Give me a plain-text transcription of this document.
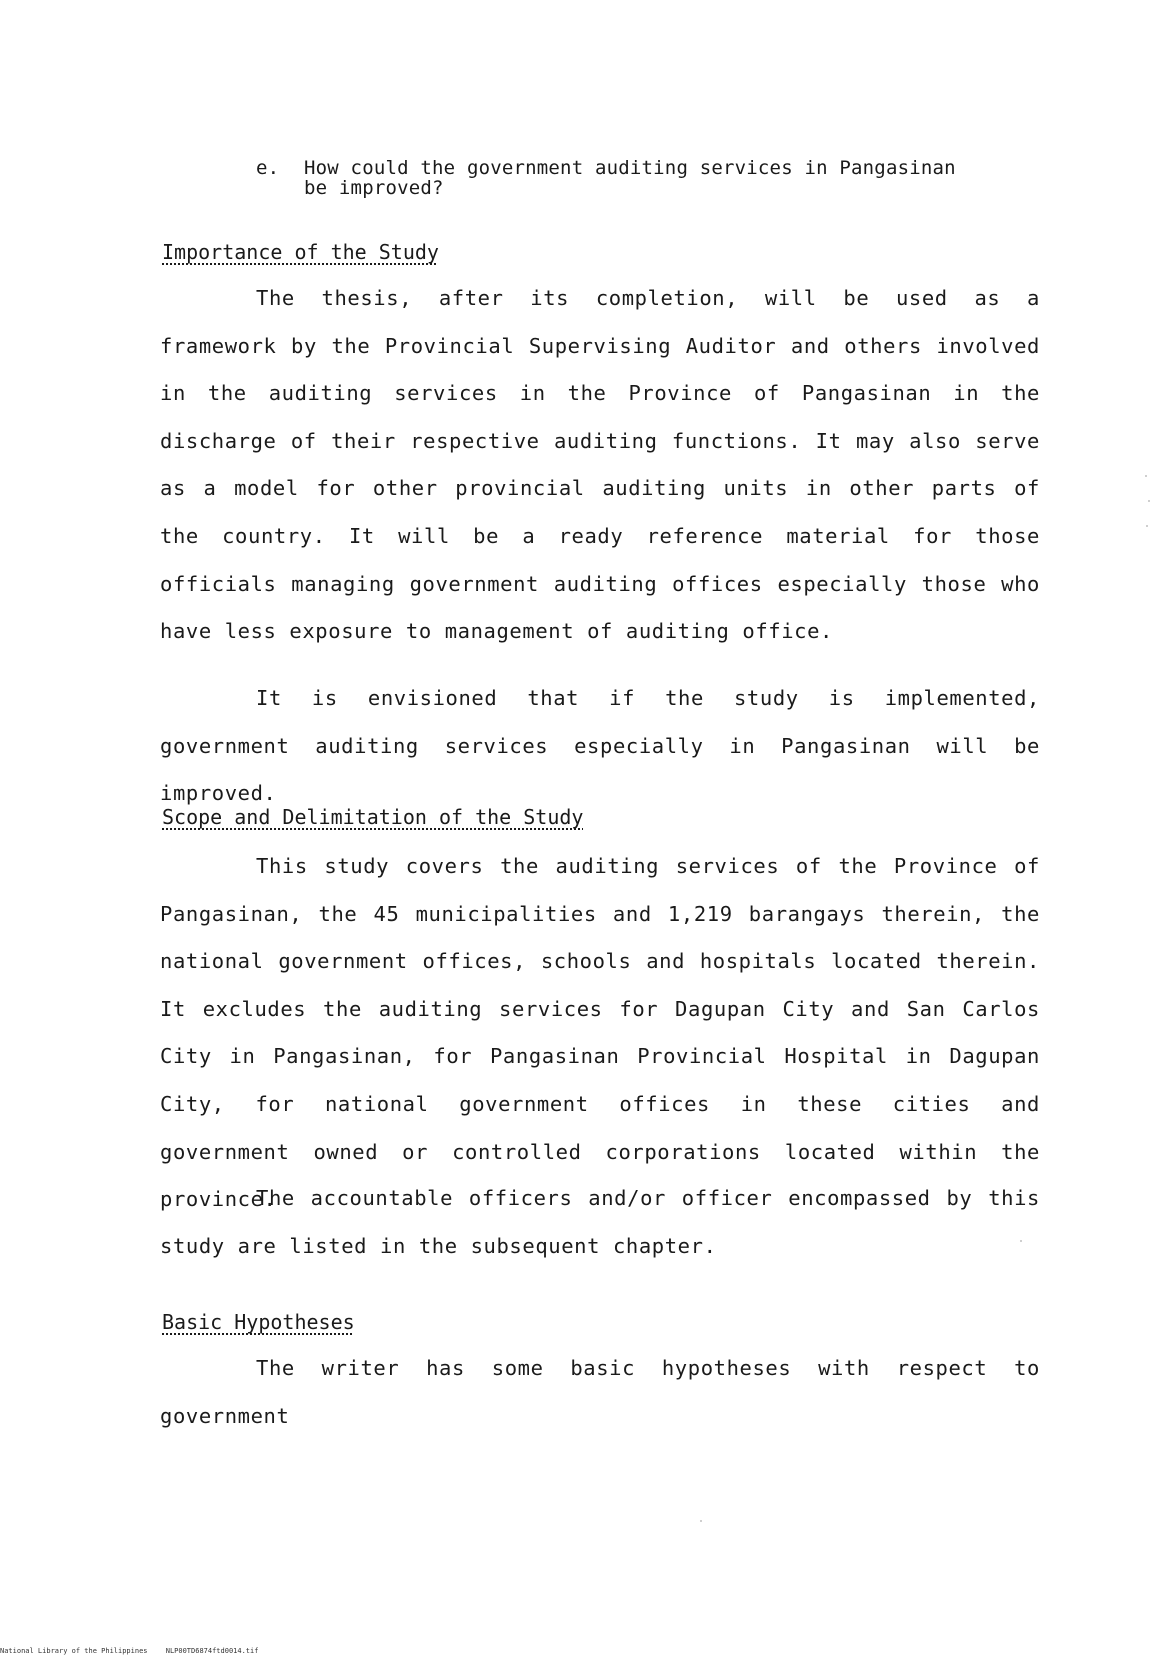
e. How could the government auditing services in Pangasinan
be improved?
Importance of the Study

The thesis, after its completion, will be used as a framework by the Provincial Supervising Auditor and others involved in the auditing services in the Province of Pangasinan in the discharge of their respective auditing functions. It may also serve as a model for other provincial auditing units in other parts of the country. It will be a ready reference material for those officials managing government auditing offices especially those who have less exposure to management of auditing office.

It is envisioned that if the study is implemented, government auditing services especially in Pangasinan will be improved.

Scope and Delimitation of the Study

This study covers the auditing services of the Province of Pangasinan, the 45 municipalities and 1,219 barangays therein, the national government offices, schools and hospitals located therein. It excludes the auditing services for Dagupan City and San Carlos City in Pangasinan, for Pangasinan Provincial Hospital in Dagupan City, for national government offices in these cities and government owned or controlled corporations located within the province.

The accountable officers and/or officer encompassed by this study are listed in the subsequent chapter.

Basic Hypotheses

The writer has some basic hypotheses with respect to government

National Library of the Philippines	NLP00TD6874ftd0014.tif
